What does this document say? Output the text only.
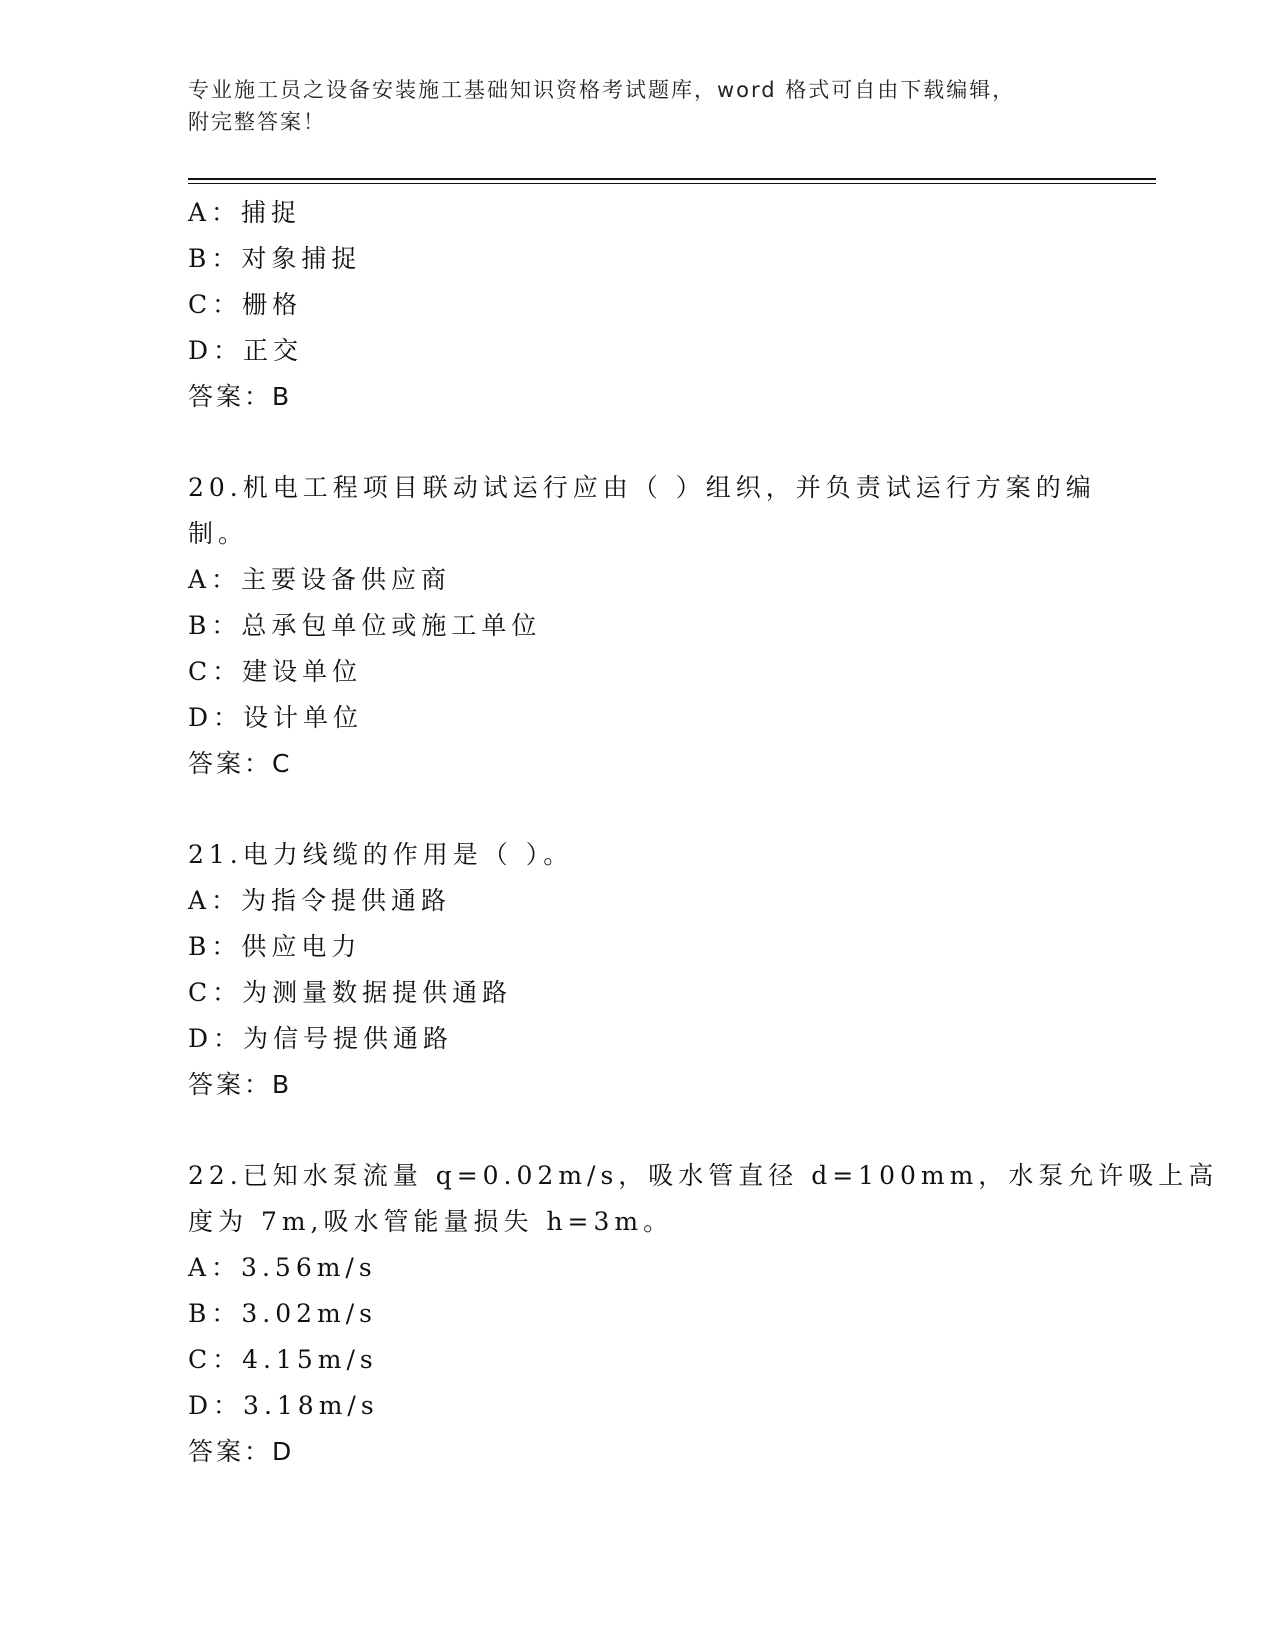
专业施工员之设备安装施工基础知识资格考试题库，word 格式可自由下载编辑，
附完整答案！
A：捕捉
B：对象捕捉
C：栅格
D：正交
答案：B
20.机电工程项目联动试运行应由（ ）组织，并负责试运行方案的编
制。
A：主要设备供应商
B：总承包单位或施工单位
C：建设单位
D：设计单位
答案：C
21.电力线缆的作用是（ ）。
A：为指令提供通路
B：供应电力
C：为测量数据提供通路
D：为信号提供通路
答案：B
22.已知水泵流量 q=0.02m/s，吸水管直径 d=100mm，水泵允许吸上高
度为 7m,吸水管能量损失 h=3m。
A：3.56m/s
B：3.02m/s
C：4.15m/s
D：3.18m/s
答案：D
